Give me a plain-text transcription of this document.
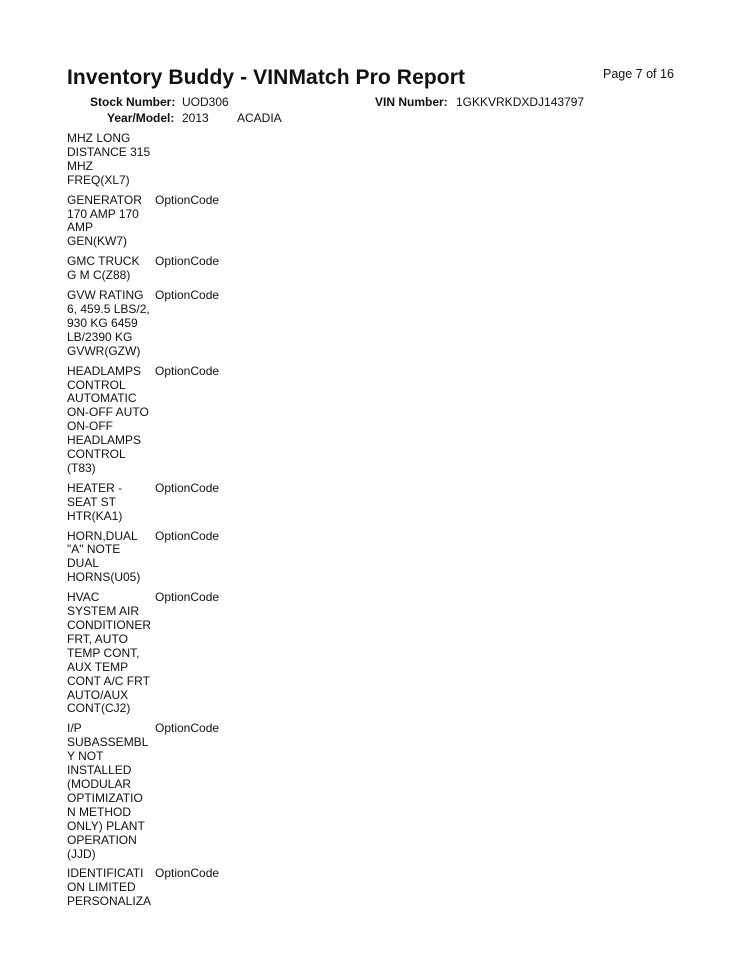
Inventory Buddy - VINMatch Pro Report	Page 7 of 16
Stock Number: UOD306	VIN Number: 1GKKVRKDXDJ143797
Year/Model: 2013 ACADIA
MHZ LONG
DISTANCE 315
MHZ
FREQ(XL7)
GENERATOR
170 AMP 170
AMP
GEN(KW7)
OptionCode
GMC TRUCK
G M C(Z88)
OptionCode
GVW RATING
6, 459.5 LBS/2,
930 KG 6459
LB/2390 KG
GVWR(GZW)
OptionCode
HEADLAMPS
CONTROL
AUTOMATIC
ON-OFF AUTO
ON-OFF
HEADLAMPS
CONTROL
(T83)
OptionCode
HEATER -
SEAT ST
HTR(KA1)
OptionCode
HORN,DUAL
"A" NOTE
DUAL
HORNS(U05)
OptionCode
HVAC
SYSTEM AIR
CONDITIONER
FRT, AUTO
TEMP CONT,
AUX TEMP
CONT A/C FRT
AUTO/AUX
CONT(CJ2)
OptionCode
I/P
SUBASSEMBL
Y NOT
INSTALLED
(MODULAR
OPTIMIZATIO
N METHOD
ONLY) PLANT
OPERATION
(JJD)
OptionCode
IDENTIFICATI
ON LIMITED
PERSONALIZA
OptionCode
